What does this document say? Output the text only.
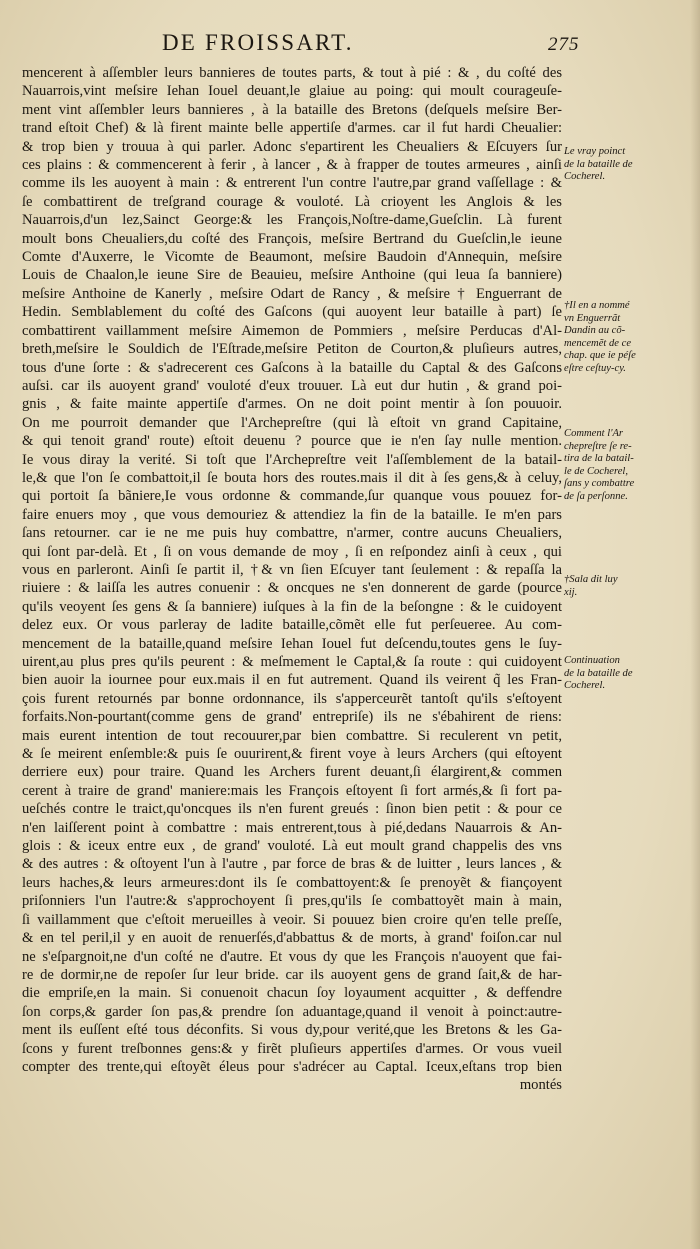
DE FROISSART.	275
mencerent à aſſembler leurs bannieres de toutes parts, & tout à pié : & , du coſté des
Nauarrois,vint meſsire Iehan Iouel deuant,le glaiue au poing: qui moult courageuſe-
ment vint aſſembler leurs bannieres , à la bataille des Bretons (deſquels meſsire Ber-
trand eſtoit Chef) & là firent mainte belle appertiſe d'armes. car il fut hardi Cheualier:
& trop bien y trouua à qui parler. Adonc s'epartirent les Cheualiers & Eſcuyers ſur
ces plains : & commencerent à ferir , à lancer , & à frapper de toutes armeures , ainſi
comme ils les auoyent à main : & entrerent l'un contre l'autre,par grand vaſſellage : &
ſe combattirent de treſgrand courage & vouloté. Là crioyent les Anglois & les
Nauarrois,d'un lez,Sainct George:& les François,Noſtre-dame,Gueſclin. Là furent
moult bons Cheualiers,du coſté des François, meſsire Bertrand du Gueſclin,le ieune
Comte d'Auxerre, le Vicomte de Beaumont, meſsire Baudoin d'Annequin, meſsire
Louis de Chaalon,le ieune Sire de Beauieu, meſsire Anthoine (qui leua ſa banniere)
meſsire Anthoine de Kanerly , meſsire Odart de Rancy , & meſsire † Enguerrant de
Hedin. Semblablement du coſté des Gaſcons (qui auoyent leur bataille à part) ſe
combattirent vaillamment meſsire Aimemon de Pommiers , meſsire Perducas d'Al-
breth,meſsire le Souldich de l'Eſtrade,meſsire Petiton de Courton,& pluſieurs autres,
tous d'une ſorte : & s'adrecerent ces Gaſcons à la bataille du Captal & des Gaſcons
auſsi. car ils auoyent grand' vouloté d'eux trouuer. Là eut dur hutin , & grand poi-
gnis , & faite mainte appertiſe d'armes. On ne doit point mentir à ſon pouuoir.
On me pourroit demander que l'Archepreſtre (qui là eſtoit vn grand Capitaine,
& qui tenoit grand' route) eſtoit deuenu ? pource que ie n'en ſay nulle mention.
Ie vous diray la verité. Si toſt que l'Archepreſtre veit l'aſſemblement de la batail-
le,& que l'on ſe combattoit,il ſe bouta hors des routes.mais il dit à ſes gens,& à celuy,
qui portoit ſa bãniere,Ie vous ordonne & commande,ſur quanque vous pouuez for-
faire enuers moy , que vous demouriez & attendiez la fin de la bataille. Ie m'en pars
ſans retourner. car ie ne me puis huy combattre, n'armer, contre aucuns Cheualiers,
qui ſont par-delà. Et , ſi on vous demande de moy , ſi en reſpondez ainſi à ceux , qui
vous en parleront. Ainſi ſe partit il, †& vn ſien Eſcuyer tant ſeulement : & repaſſa la
riuiere : & laiſſa les autres conuenir : & oncques ne s'en donnerent de garde (pource
qu'ils veoyent ſes gens & ſa banniere) iuſques à la fin de la beſongne : & le cuidoyent
delez eux. Or vous parleray de ladite bataille,cõmẽt elle fut perſeueree. Au com-
mencement de la bataille,quand meſsire Iehan Iouel fut deſcendu,toutes gens le ſuy-
uirent,au plus pres qu'ils peurent : & meſmement le Captal,& ſa route : qui cuidoyent
bien auoir la iournee pour eux.mais il en fut autrement. Quand ils veirent q̃ les Fran-
çois furent retournés par bonne ordonnance, ils s'apperceurẽt tantoſt qu'ils s'eſtoyent
forfaits.Non-pourtant(comme gens de grand' entrepriſe) ils ne s'ébahirent de riens:
mais eurent intention de tout recouurer,par bien combattre. Si reculerent vn petit,
& ſe meirent enſemble:& puis ſe ouurirent,& firent voye à leurs Archers (qui eſtoyent
derriere eux) pour traire. Quand les Archers furent deuant,ſi élargirent,& commen
cerent à traire de grand' maniere:mais les François eſtoyent ſi fort armés,& ſi fort pa-
ueſchés contre le traict,qu'oncques ils n'en furent greués : ſinon bien petit : & pour ce
n'en laiſſerent point à combattre : mais entrerent,tous à pié,dedans Nauarrois & An-
glois : & iceux entre eux , de grand' vouloté. Là eut moult grand chappelis des vns
& des autres : & oſtoyent l'un à l'autre , par force de bras & de luitter , leurs lances , &
leurs haches,& leurs armeures:dont ils ſe combattoyent:& ſe prenoyẽt & fiançoyent
priſonniers l'un l'autre:& s'approchoyent ſi pres,qu'ils ſe combattoyẽt main à main,
ſi vaillamment que c'eſtoit merueilles à veoir. Si pouuez bien croire qu'en telle preſſe,
& en tel peril,il y en auoit de renuerſés,d'abbattus & de morts, à grand' foiſon.car nul
ne s'eſpargnoit,ne d'un coſté ne d'autre. Et vous dy que les François n'auoyent que fai-
re de dormir,ne de repoſer ſur leur bride. car ils auoyent gens de grand ſait,& de har-
die empriſe,en la main. Si conuenoit chacun ſoy loyaument acquitter , & deffendre
ſon corps,& garder ſon pas,& prendre ſon aduantage,quand il venoit à poinct:autre-
ment ils euſſent eſté tous déconfits. Si vous dy,pour verité,que les Bretons & les Ga-
ſcons y furent treſbonnes gens:& y firẽt pluſieurs appertiſes d'armes. Or vous vueil
compter des trente,qui eſtoyẽt éleus pour s'adrécer au Captal. Iceux,eſtans trop bien
montés
Le vray poinct
de la bataille de
Cocherel.
†Il en a nommé
vn Enguerrãt
Dandin au cõ-
mencemẽt de ce
chap. que ie péſe
eſtre ceſtuy-cy.
Comment l'Ar
chepreſtre ſe re-
tira de la batail-
le de Cocherel,
ſans y combattre
de ſa perſonne.
†Sala dit luy
xij.
Continuation
de la bataille de
Cocherel.
